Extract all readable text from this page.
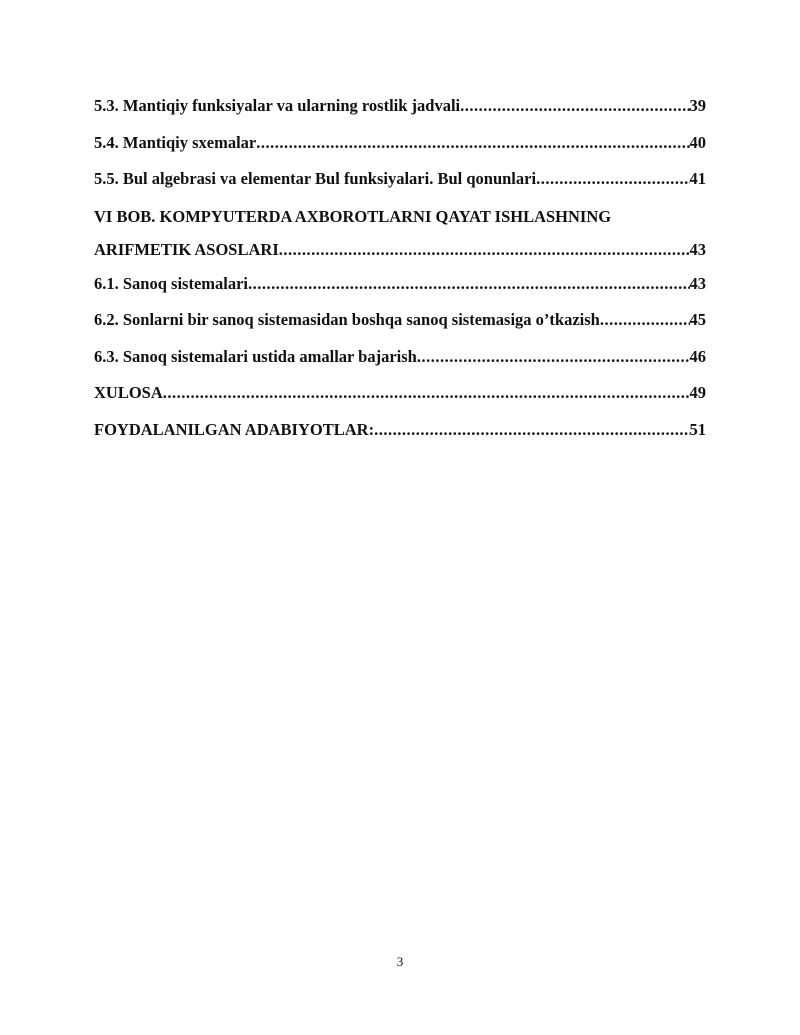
5.3. Mantiqiy funksiyalar va ularning rostlik jadvali .....	39
5.4. Mantiqiy sxemalar .....	40
5.5. Bul algebrasi va elementar Bul funksiyalari. Bul qonunlari .....	41
VI BOB. KOMPYUTERDA AXBOROTLARNI QAYAT ISHLASHNING
ARIFMETIK ASOSLARI .....	43
6.1. Sanoq sistemalari .....	43
6.2. Sonlarni bir sanoq sistemasidan boshqa sanoq sistemasiga o’tkazish .....	45
6.3. Sanoq sistemalari ustida amallar bajarish .....	46
XULOSA .....	49
FOYDALANILGAN ADABIYOTLAR: .....	51
3
